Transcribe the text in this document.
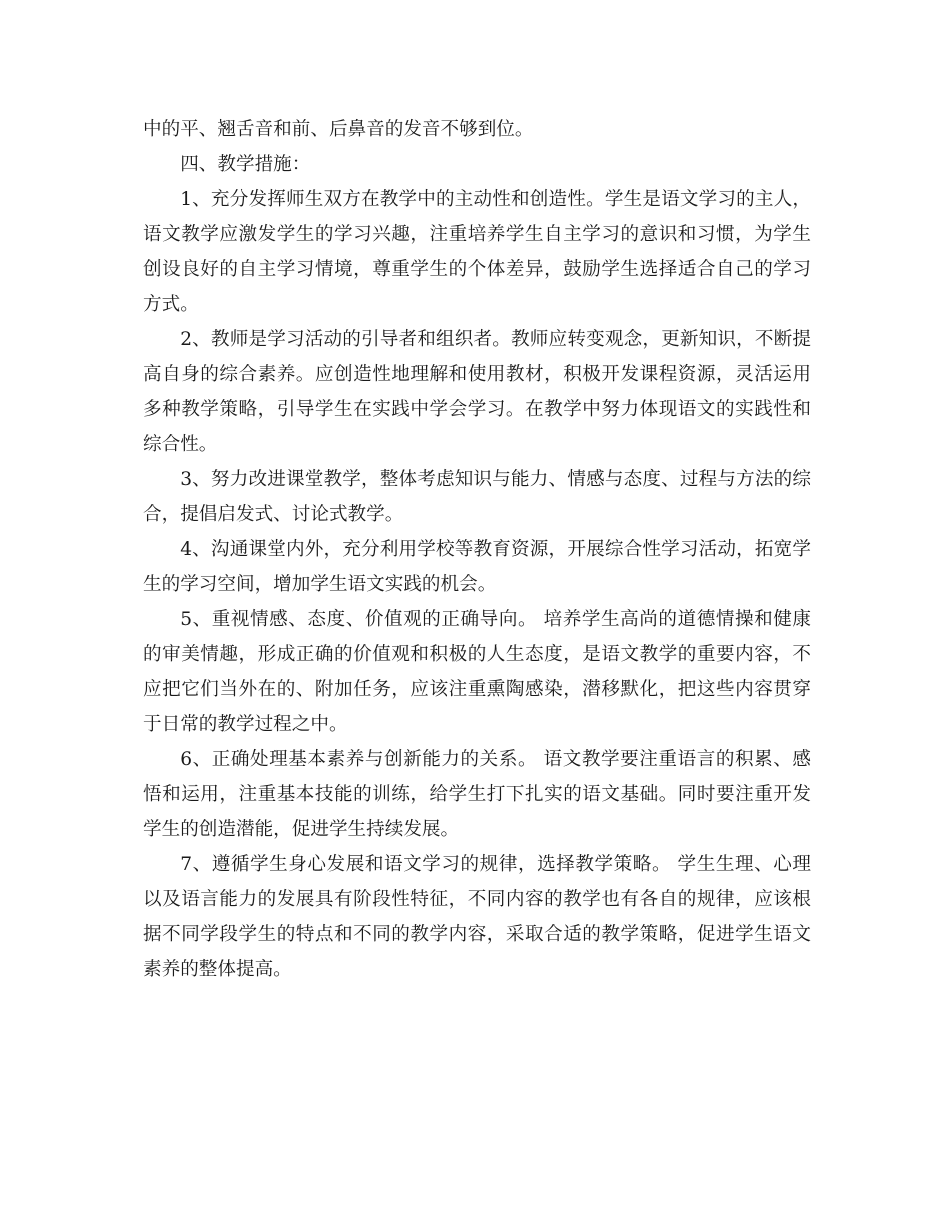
中的平、翘舌音和前、后鼻音的发音不够到位。

四、教学措施：

1、充分发挥师生双方在教学中的主动性和创造性。学生是语文学习的主人，语文教学应激发学生的学习兴趣，注重培养学生自主学习的意识和习惯，为学生创设良好的自主学习情境，尊重学生的个体差异，鼓励学生选择适合自己的学习方式。

2、教师是学习活动的引导者和组织者。教师应转变观念，更新知识，不断提高自身的综合素养。应创造性地理解和使用教材，积极开发课程资源，灵活运用多种教学策略，引导学生在实践中学会学习。在教学中努力体现语文的实践性和综合性。

3、努力改进课堂教学，整体考虑知识与能力、情感与态度、过程与方法的综合，提倡启发式、讨论式教学。

4、沟通课堂内外，充分利用学校等教育资源，开展综合性学习活动，拓宽学生的学习空间，增加学生语文实践的机会。

5、重视情感、态度、价值观的正确导向。 培养学生高尚的道德情操和健康的审美情趣，形成正确的价值观和积极的人生态度，是语文教学的重要内容，不应把它们当外在的、附加任务，应该注重熏陶感染，潜移默化，把这些内容贯穿于日常的教学过程之中。

6、正确处理基本素养与创新能力的关系。 语文教学要注重语言的积累、感悟和运用，注重基本技能的训练，给学生打下扎实的语文基础。同时要注重开发学生的创造潜能，促进学生持续发展。

7、遵循学生身心发展和语文学习的规律，选择教学策略。 学生生理、心理以及语言能力的发展具有阶段性特征，不同内容的教学也有各自的规律，应该根据不同学段学生的特点和不同的教学内容，采取合适的教学策略，促进学生语文素养的整体提高。
